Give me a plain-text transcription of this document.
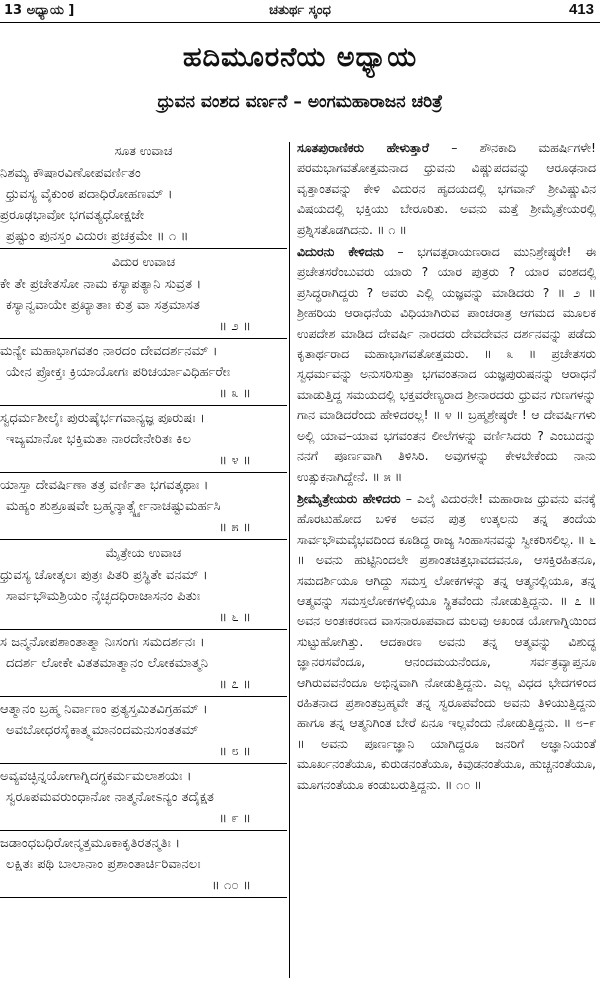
13 ಅಧ್ಯಾಯ ]	ಚತುರ್ಥ ಸ್ಕಂಧ	413
ಹದಿಮೂರನೆಯ ಅಧ್ಯಾಯ
ಧ್ರುವನ ವಂಶದ ವರ್ಣನೆ – ಅಂಗಮಹಾರಾಜನ ಚರಿತ್ರೆ
ಸೂತ ಉವಾಚ
ನಿಶಮ್ಯ ಕೌಷಾರವಿಣೋಪವರ್ಣಿತಂ
ಧ್ರುವಸ್ಯ ವೈಕುಂಠ ಪದಾಧಿರೋಹಣಮ್ ।
ಪ್ರರೂಢಭಾವೋ ಭಗವತ್ಯಧೋಕ್ಷಜೇ
ಪ್ರಷ್ಟುಂ ಪುನಸ್ತಂ ವಿದುರಃ ಪ್ರಚಕ್ರಮೇ ॥ ೧ ॥
ವಿದುರ ಉವಾಚ
ಕೇ ತೇ ಪ್ರಚೇತಸೋ ನಾಮ ಕಸ್ಯಾಪತ್ಯಾನಿ ಸುವ್ರತ ।
ಕಸ್ಯಾನ್ವವಾಯೇ ಪ್ರಖ್ಯಾತಾಃ ಕುತ್ರ ವಾ ಸತ್ರಮಾಸತ
॥ ೨ ॥
ಮನ್ಯೇ ಮಹಾಭಾಗವತಂ ನಾರದಂ ದೇವದರ್ಶನಮ್ ।
ಯೇನ ಪ್ರೋಕ್ತಃ ಕ್ರಿಯಾಯೋಗಃ ಪರಿಚರ್ಯಾವಿಧಿರ್ಹರೇಃ
॥ ೩ ॥
ಸ್ವಧರ್ಮಶೀಲೈಃ ಪುರುಷೈರ್ಭಗವಾನ್ಯಜ್ಞ ಪೂರುಷಃ ।
ಇಜ್ಯಮಾನೋ ಭಕ್ತಿಮತಾ ನಾರದೇನೇರಿತಃ ಕಿಲ
॥ ೪ ॥
ಯಾಸ್ತಾ ದೇವರ್ಷಿಣಾ ತತ್ರ ವರ್ಣಿತಾ ಭಗವತ್ಕಥಾಃ ।
ಮಹ್ಯಂ ಶುಶ್ರೂಷವೇ ಬ್ರಹ್ಮನ್ಕಾರ್ತ್ಸ್ನ್ಯೇನಾಚಷ್ಟುಮರ್ಹಸಿ
॥ ೫ ॥
ಮೈತ್ರೇಯ ಉವಾಚ
ಧ್ರುವಸ್ಯ ಚೋತ್ಕಲಃ ಪುತ್ರಃ ಪಿತರಿ ಪ್ರಸ್ಥಿತೇ ವನಮ್ ।
ಸಾರ್ವಭೌಮಶ್ರಿಯಂ ನೈಚ್ಛದಧಿರಾಜಾಸನಂ ಪಿತುಃ
॥ ೬ ॥
ಸ ಜನ್ಮನೋಪಶಾಂತಾತ್ಮಾ ನಿಃಸಂಗಃ ಸಮದರ್ಶನಃ ।
ದದರ್ಶ ಲೋಕೇ ವಿತತಮಾತ್ಮಾನಂ ಲೋಕಮಾತ್ಮನಿ
॥ ೭ ॥
ಆತ್ಮಾನಂ ಬ್ರಹ್ಮ ನಿರ್ವಾಣಂ ಪ್ರತ್ಯಸ್ತಮಿತವಿಗ್ರಹಮ್ ।
ಅವಬೋಧರಸೈಕಾತ್ಮ್ಯಮಾನಂದಮನುಸಂತತಮ್
॥ ೮ ॥
ಅವ್ಯವಚ್ಛಿನ್ನಯೋಗಾಗ್ನಿದಗ್ಧಕರ್ಮಮಲಾಶಯಃ ।
ಸ್ವರೂಪಮವರುಂಧಾನೋ ನಾತ್ಮನೋಽನ್ಯಂ ತದೈಕ್ಷತ
॥ ೯ ॥
ಜಡಾಂಧಬಧಿರೋನ್ಮತ್ತಮೂಕಾಕೃತಿರತನ್ಮತಿಃ ।
ಲಕ್ಷಿತಃ ಪಥಿ ಬಾಲಾನಾಂ ಪ್ರಶಾಂತಾರ್ಚಿರಿವಾನಲಃ
॥ ೧೦ ॥

ಸೂತಪುರಾಣಿಕರು ಹೇಳುತ್ತಾರೆ – ಶೌನಕಾದಿ ಮಹರ್ಷಿಗಳೇ! ಪರಮಭಾಗವತೋತ್ತಮನಾದ ಧ್ರುವನು ವಿಷ್ಣುಪದವನ್ನು ಆರೂಢನಾದ ವೃತ್ತಾಂತವನ್ನು ಕೇಳಿ ವಿದುರನ ಹೃದಯದಲ್ಲಿ ಭಗವಾನ್ ಶ್ರೀವಿಷ್ಣುವಿನ ವಿಷಯದಲ್ಲಿ ಭಕ್ತಿಯು ಬೇರೂರಿತು. ಅವನು ಮತ್ತೆ ಶ್ರೀಮೈತ್ರೇಯರಲ್ಲಿ ಪ್ರಶ್ನಿಸತೊಡಗಿದನು. ॥ ೧ ॥

ವಿದುರನು ಕೇಳಿದನು – ಭಗವತ್ಪರಾಯಣರಾದ ಮುನಿಶ್ರೇಷ್ಠರೇ! ಈ ಪ್ರಚೇತಸರೆಂಬುವರು ಯಾರು ? ಯಾರ ಪುತ್ರರು ? ಯಾರ ವಂಶದಲ್ಲಿ ಪ್ರಸಿದ್ಧರಾಗಿದ್ದರು ? ಅವರು ಎಲ್ಲಿ ಯಜ್ಞವನ್ನು ಮಾಡಿದರು ? ॥ ೨ ॥ ಶ್ರೀಹರಿಯ ಆರಾಧನೆಯ ವಿಧಿಯಾಗಿರುವ ಪಾಂಚರಾತ್ರ ಆಗಮದ ಮೂಲಕ ಉಪದೇಶ ಮಾಡಿದ ದೇವರ್ಷಿ ನಾರದರು ದೇವದೇವನ ದರ್ಶನವನ್ನು ಪಡೆದು ಕೃತಾರ್ಥರಾದ ಮಹಾಭಾಗವತೋತ್ತಮರು. ॥ ೩ ॥ ಪ್ರಚೇತಸರು ಸ್ವಧರ್ಮವನ್ನು ಅನುಸರಿಸುತ್ತಾ ಭಗವಂತನಾದ ಯಜ್ಞಪುರುಷನನ್ನು ಆರಾಧನೆ ಮಾಡುತ್ತಿದ್ದ ಸಮಯದಲ್ಲಿ ಭಕ್ತವರೇಣ್ಯರಾದ ಶ್ರೀನಾರದರು ಧ್ರುವನ ಗುಣಗಳನ್ನು ಗಾನ ಮಾಡಿದರೆಂದು ಹೇಳಿದರಲ್ಲ! ॥ ೪ ॥ ಬ್ರಹ್ಮಶ್ರೇಷ್ಠರೇ ! ಆ ದೇವರ್ಷಿಗಳು ಅಲ್ಲಿ ಯಾವ–ಯಾವ ಭಗವಂತನ ಲೀಲೆಗಳನ್ನು ವರ್ಣಿಸಿದರು ? ಎಂಬುದನ್ನು ನನಗೆ ಪೂರ್ಣವಾಗಿ ತಿಳಿಸಿರಿ. ಅವುಗಳನ್ನು ಕೇಳಬೇಕೆಂದು ನಾನು ಉತ್ಸುಕನಾಗಿದ್ದೇನೆ. ॥ ೫ ॥

ಶ್ರೀಮೈತ್ರೇಯರು ಹೇಳಿದರು – ಎಲೈ ವಿದುರನೇ! ಮಹಾರಾಜ ಧ್ರುವನು ವನಕ್ಕೆ ಹೊರಟುಹೋದ ಬಳಿಕ ಅವನ ಪುತ್ರ ಉತ್ಕಲನು ತನ್ನ ತಂದೆಯ ಸಾರ್ವಭೌಮವೈಭವದಿಂದ ಕೂಡಿದ್ದ ರಾಜ್ಯ ಸಿಂಹಾಸನವನ್ನು ಸ್ವೀಕರಿಸಲಿಲ್ಲ. ॥ ೬ ॥ ಅವನು ಹುಟ್ಟಿನಿಂದಲೇ ಪ್ರಶಾಂತಚಿತ್ತಭಾವದವನೂ, ಆಸಕ್ತಿರಹಿತನೂ, ಸಮದರ್ಶಿಯೂ ಆಗಿದ್ದು ಸಮಸ್ತ ಲೋಕಗಳನ್ನು ತನ್ನ ಆತ್ಮನಲ್ಲಿಯೂ, ತನ್ನ ಆತ್ಮವನ್ನು ಸಮಸ್ತಲೋಕಗಳಲ್ಲಿಯೂ ಸ್ಥಿತವೆಂದು ನೋಡುತ್ತಿದ್ದನು. ॥ ೭ ॥ ಅವನ ಅಂತಃಕರಣದ ವಾಸನಾರೂಪವಾದ ಮಲವು ಅಖಂಡ ಯೋಗಾಗ್ನಿಯಿಂದ ಸುಟ್ಟುಹೋಗಿತ್ತು. ಆದಕಾರಣ ಅವನು ತನ್ನ ಆತ್ಮವನ್ನು ವಿಶುದ್ಧ ಜ್ಞಾನರಸವೆಂದೂ, ಆನಂದಮಯನೆಂದೂ, ಸರ್ವತ್ರವ್ಯಾಪ್ತನೂ ಆಗಿರುವವನೆಂದೂ ಅಭಿನ್ನವಾಗಿ ನೋಡುತ್ತಿದ್ದನು. ಎಲ್ಲ ವಿಧದ ಭೇದಗಳಿಂದ ರಹಿತನಾದ ಪ್ರಶಾಂತಬ್ರಹ್ಮವೇ ತನ್ನ ಸ್ವರೂಪವೆಂದು ಅವನು ತಿಳಿಯುತ್ತಿದ್ದನು ಹಾಗೂ ತನ್ನ ಆತ್ಮನಿಗಿಂತ ಬೇರೆ ಏನೂ ಇಲ್ಲವೆಂದು ನೋಡುತ್ತಿದ್ದನು. ॥ ೮–೯ ॥ ಅವನು ಪೂರ್ಣಜ್ಞಾನಿ ಯಾಗಿದ್ದರೂ ಜನರಿಗೆ ಅಜ್ಞಾನಿಯಂತೆ ಮೂರ್ಖನಂತೆಯೂ, ಕುರುಡನಂತೆಯೂ, ಕಿವುಡನಂತೆಯೂ, ಹುಚ್ಚನಂತೆಯೂ, ಮೂಗನಂತೆಯೂ ಕಂಡುಬರುತ್ತಿದ್ದನು. ॥ ೧೦ ॥
